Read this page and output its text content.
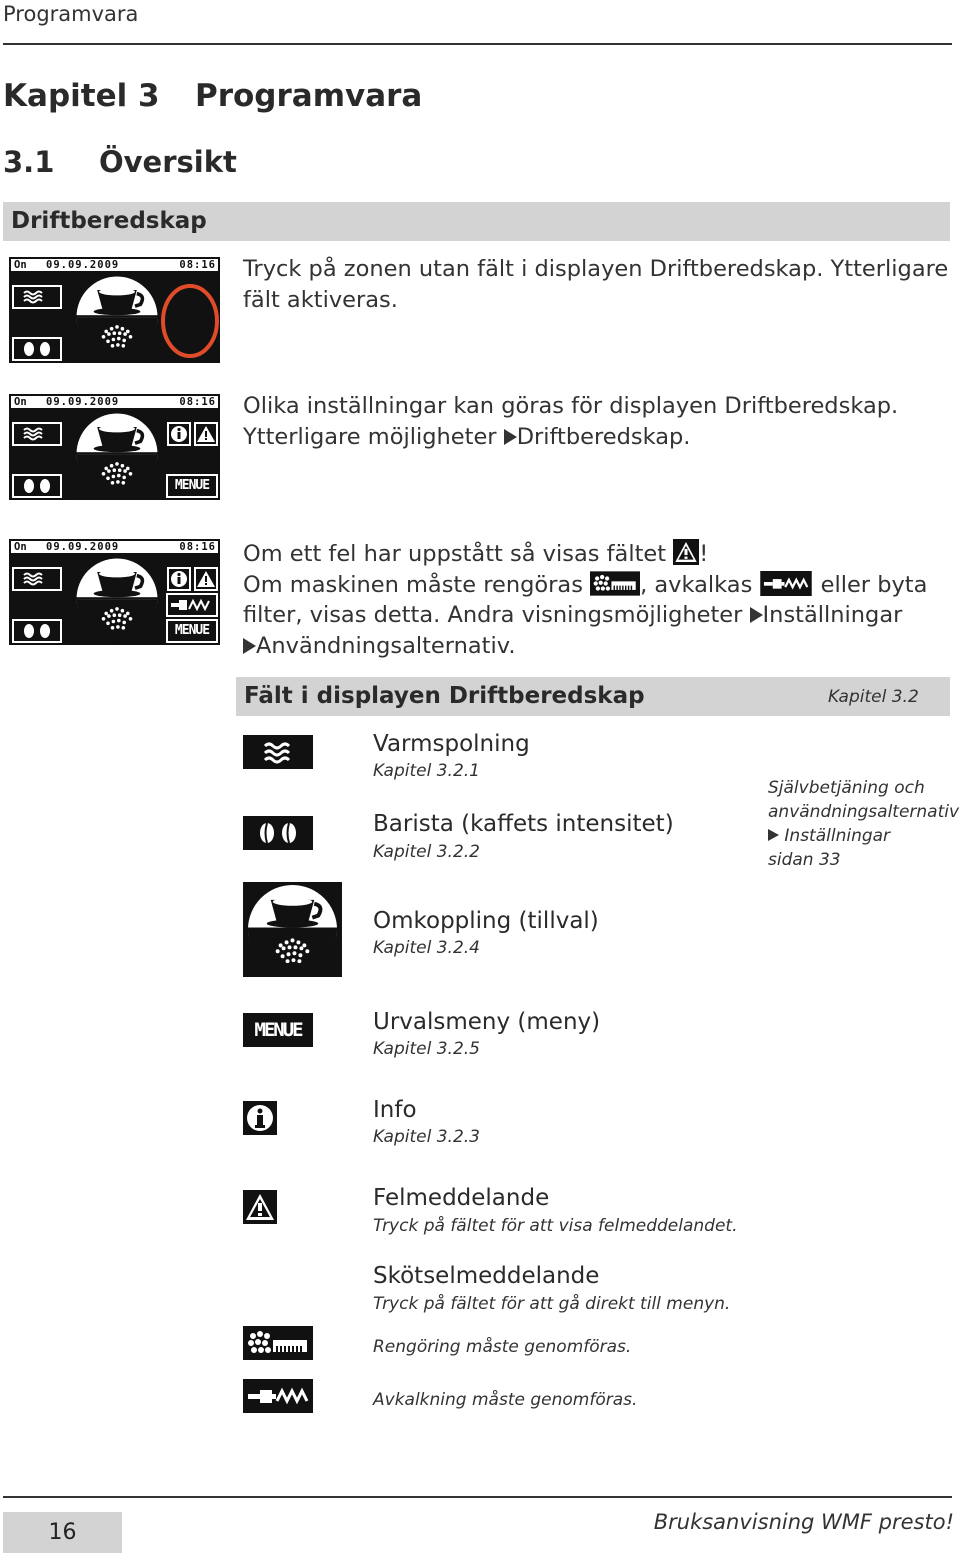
Programvara
Kapitel 3 Programvara
3.1 Översikt
Driftberedskap
On 09.09.2009	08:16 Tryck på zonen utan fält i displayen Driftberedskap. Ytterligare
fält aktiveras.
On 09.09.2009	08:16
MENUE
Olika inställningar kan göras för displayen Driftberedskap.
Ytterligare möjligheter Driftberedskap.
On 09.09.2009	08:16
MENUE
Om ett fel har uppstått så visas fältet !
Om maskinen måste rengöras , avkalkas  eller byta
filter, visas detta. Andra visningsmöjligheter Inställningar
Användningsalternativ.
Fält i displayen Driftberedskap	Kapitel 3.2
Självbetjäning och
användningsalternativ
Inställningar
sidan 33
MENUE
Varmspolning
Kapitel 3.2.1
Barista (kaffets intensitet)
Kapitel 3.2.2
Omkoppling (tillval)
Kapitel 3.2.4
Urvalsmeny (meny)
Kapitel 3.2.5
Info
Kapitel 3.2.3
Felmeddelande
Tryck på fältet för att visa felmeddelandet.
Skötselmeddelande
Tryck på fältet för att gå direkt till menyn.
Rengöring måste genomföras.
Avkalkning måste genomföras.
16	Bruksanvisning WMF presto!
